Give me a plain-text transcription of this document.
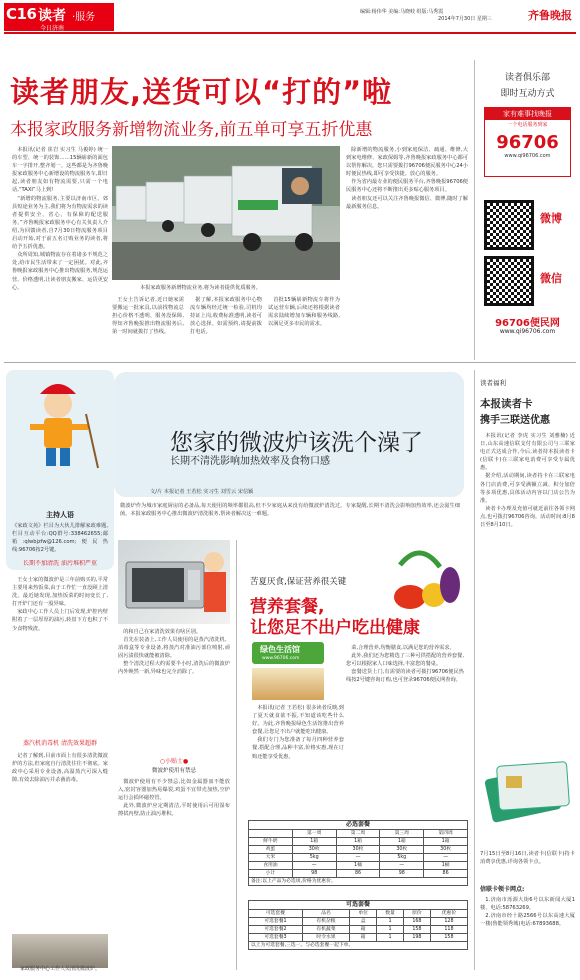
C16 读者 ·服务
今日济南
编辑:杨伟华 美编:马晓岐 组版:马秀霞
2014年7月30日 星期三	齐鲁晚报
读者朋友,送货可以“打的”啦
本报家政服务新增物流业务,前五单可享五折优惠

本报讯(记者 崔岩 实习生 马俊婷) 统一的车型、统一的装饰……15辆崭新的面包车一字排开,整齐划一。这些都是为齐鲁晚报家政服务中心新增设的物流服务车,即日起,读者朋友如有物流需要,只需一个电话,“TAXI”马上到!

“新增的物流服务,主要以济南市区、郊县短途业务为主,我们将为有物流需求的读者提供安全、省心、有保障的配送服务。”齐鲁晚报家政服务中心有关负责人介绍,为回馈读者,自7月30日物流服务项目启动开始,对于前五名订购业务的读者,将给予五折优惠。

众所周知,城镇物流存在着诸多不规范之处,给市民生活带来了一定困扰。对此,齐鲁晚报家政服务中心推出物流服务,规范运营、价格透明,让读者朋友搬家、运货更安心。	本报家政服务新增物流业务,将为读者提供优质服务。

除新增的物流服务,小到家庭保洁、疏通、维修,大到家电维修、家政保姆等,齐鲁晚报家政服务中心都可以帮你解决。您只需要拨打96706便民服务中心24小时便民热线,即可享受快捷、放心的服务。

作为省内最专业的便民服务平台,齐鲁晚报96706便民服务中心还将不断推出更多贴心服务项目。

读者朋友还可以关注齐鲁晚报微信、微博,随时了解最新服务信息。

王女士告诉记者,近日她家需要搬运一批家具,以前找物流总担心价格不透明、服务没保障,得知齐鲁晚报推出物流服务后,第一时间就拨打了热线。

据了解,本报家政服务中心物流车辆均经过统一检验,司机均持证上岗,收费标准透明,读者可放心选择。如需预约,请提前拨打电话。

首批15辆崭新物流车将作为试运营车辆,后续还将根据读者需求陆续增加车辆和服务线路,以满足更多市民的需求。

读者俱乐部
即时互动方式
家有难事找晚报
一个电话服务到家
96706
www.qi96706.com
微博
微信
96706便民网
www.qi96706.com
主持人语
《家政文苑》栏目为大伙儿排解家政难题,栏目互动平台:QQ群号:338462655;邮箱:qlwbjzfw@126.com;便民热线:96706按2号键。
您家的微波炉该洗个澡了
长期不清洗影响加热效率及食物口感
文/片 本报记者 王若松 实习生 刘雪云 宋信颖
微波炉作为城市家庭厨房的必备品,每天使用的频率都很高,但不少家庭从来没有给微波炉清洗过。专家提醒,长期不清洗会影响加热效率,还会滋生细菌。本报家政服务中心推出微波炉清洗服务,帮读者解决这一难题。
长期不加清洗 油污堆积严重

王女士家的微波炉是三年前购买的,平常主要用来热饭菜,由于工作忙一直没顾上清洗。最近她发现,加热饭菜的时间变长了,打开炉门还有一股异味。

家政中心工作人员上门后发现,炉腔内壁附着了一层厚厚的油污,转盘下方也积了不少食物残渣。

蒸汽机消毒机 清洗效果超群

记者了解到,目前市面上有很多清洗微波炉的方法,但家庭自行清洗往往不彻底。家政中心采用专业设备,高温蒸汽可深入缝隙,有效去除油污并杀菌消毒。

家政服务中心工作人员清洗微波炉。

的和自己在家清洗效果有啥区别。

首先在装备上,工作人员使用的是蒸汽清洗机、消毒盒等专业设备,将蒸汽对准油污部位喷射,顽固污渍很快就能被清除。

整个清洗过程大约需要半小时,清洗后的微波炉内外焕然一新,异味也完全消除了。

○小贴士●
微波炉使用有禁忌

微波炉使用有不少禁忌,比如金属器皿不能放入,密封容器加热易爆裂,鸡蛋不宜带壳加热,空炉运行会损坏磁控管。

此外,微波炉应定期清洁,平时使用后可用湿布擦拭内壁,防止油污堆积。

苦夏厌食,保证营养很关键
营养套餐,
让您足不出户吃出健康
绿色生活馆
www.96706.com

本报讯(记者 王若松) 很多读者反映,到了夏天就食欲不振,不知道该吃些什么好。为此,齐鲁晚报绿色生活馆推出营养套餐,让您足不出户就能吃出健康。

我们专门为您准备了每月四种营养套餐,搭配合理,品种丰富,价格实惠,现在订购还能享受优惠。

菜,合理营养,均衡膳食,以满足您的营养需求。

此外,我们还为您精选了三种可供搭配的营养套餐,您可以根据家人口味选择,丰富您的餐桌。

套餐送货上门,有需要的读者可拨打96706便民热线按2号键咨询订购,也可登录96706便民网查询。

必选套餐
	第一周	第二周	第三周	第四周
鲜牛奶	1箱	1箱	1箱	1箱
鸡蛋	30枚	30枚	30枚	30枚
大米	5kg	—	5kg	—
食用油	—	1桶	—	1桶
小计	98	86	98	86
备注:以上产品为必选项,价格为优惠价。
可选套餐
可选套餐	品名	单位	数量	原价	优惠价
可选套餐1	有机杂粮	盒	1	168	128
可选套餐2	有机蔬菜	箱	1	158	118
可选套餐3	时令水果	箱	1	198	158
以上为可选套餐,三选一。与必选套餐一起下单。
读者福利
本报读者卡
携手三联送优惠

本报讯(记者 李虎 实习生 刘雅楠) 近日,山东高速信联支付有限公司与三联家电正式达成合作,今后,读者持本报读者卡(信联卡)在三联家电消费可享受专属优惠。

据介绍,活动期间,读者持卡在三联家电各门店消费,可享受满额立减、积分加倍等多项优惠,具体活动内容以门店公告为准。

读者卡办理及充值可就近前往各领卡网点,也可拨打96706咨询。活动时间:8月8日至8月10日。

7月15日至8月16日,读者卡(信联卡)持卡消费享优惠,详询各领卡点。
信联卡领卡网点:

1.济南市泺源大街6号以东新闻大厦1楼、电话:58763269。

2.济南市经十路2566号以东高速大厦一楼(鲁能领秀城)电话:67893688。
